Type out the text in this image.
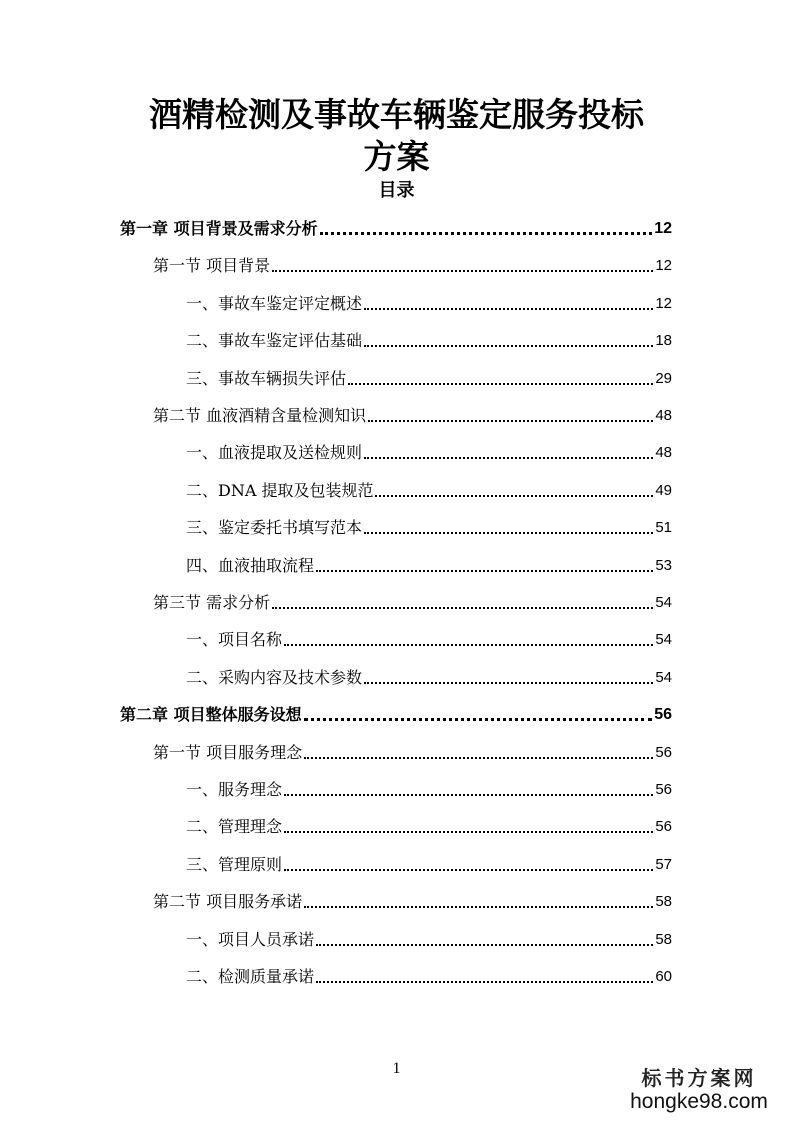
酒精检测及事故车辆鉴定服务投标
方案
目录
第一章 项目背景及需求分析	12
第一节 项目背景	12
一、事故车鉴定评定概述	12
二、事故车鉴定评估基础	18
三、事故车辆损失评估	29
第二节 血液酒精含量检测知识	48
一、血液提取及送检规则	48
二、DNA 提取及包装规范	49
三、鉴定委托书填写范本	51
四、血液抽取流程	53
第三节 需求分析	54
一、项目名称	54
二、采购内容及技术参数	54
第二章 项目整体服务设想	56
第一节 项目服务理念	56
一、服务理念	56
二、管理理念	56
三、管理原则	57
第二节 项目服务承诺	58
一、项目人员承诺	58
二、检测质量承诺	60
1	标书方案网
hongke98.com
